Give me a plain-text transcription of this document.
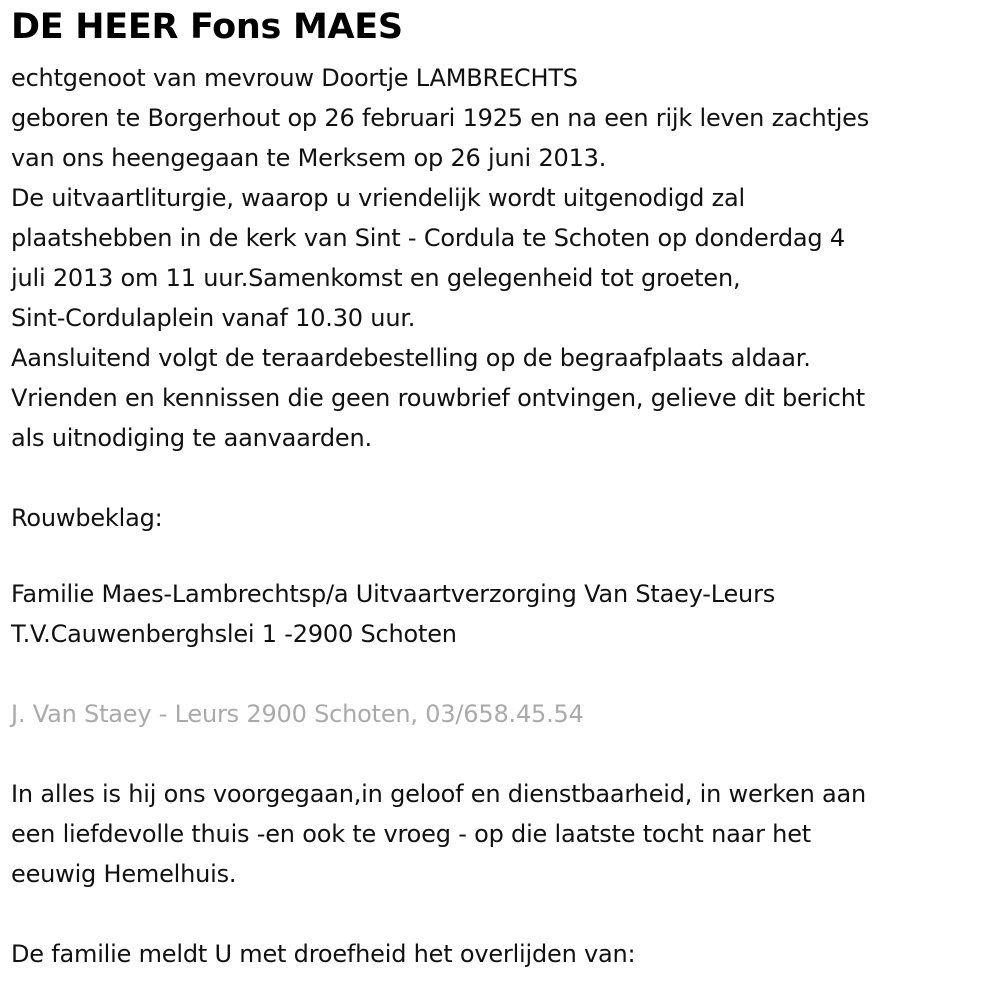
DE HEER Fons MAES
echtgenoot van mevrouw Doortje LAMBRECHTS
geboren te Borgerhout op 26 februari 1925 en na een rijk leven zachtjes
van ons heengegaan te Merksem op 26 juni 2013.
De uitvaartliturgie, waarop u vriendelijk wordt uitgenodigd zal
plaatshebben in de kerk van Sint - Cordula te Schoten op donderdag 4
juli 2013 om 11 uur.Samenkomst en gelegenheid tot groeten,
Sint-Cordulaplein vanaf 10.30 uur.
Aansluitend volgt de teraardebestelling op de begraafplaats aldaar.
Vrienden en kennissen die geen rouwbrief ontvingen, gelieve dit bericht
als uitnodiging te aanvaarden.
Rouwbeklag:
Familie Maes-Lambrechtsp/a Uitvaartverzorging Van Staey-Leurs
T.V.Cauwenberghslei 1 -2900 Schoten
J. Van Staey - Leurs 2900 Schoten, 03/658.45.54
In alles is hij ons voorgegaan,in geloof en dienstbaarheid, in werken aan
een liefdevolle thuis -en ook te vroeg - op die laatste tocht naar het
eeuwig Hemelhuis.
De familie meldt U met droefheid het overlijden van:
